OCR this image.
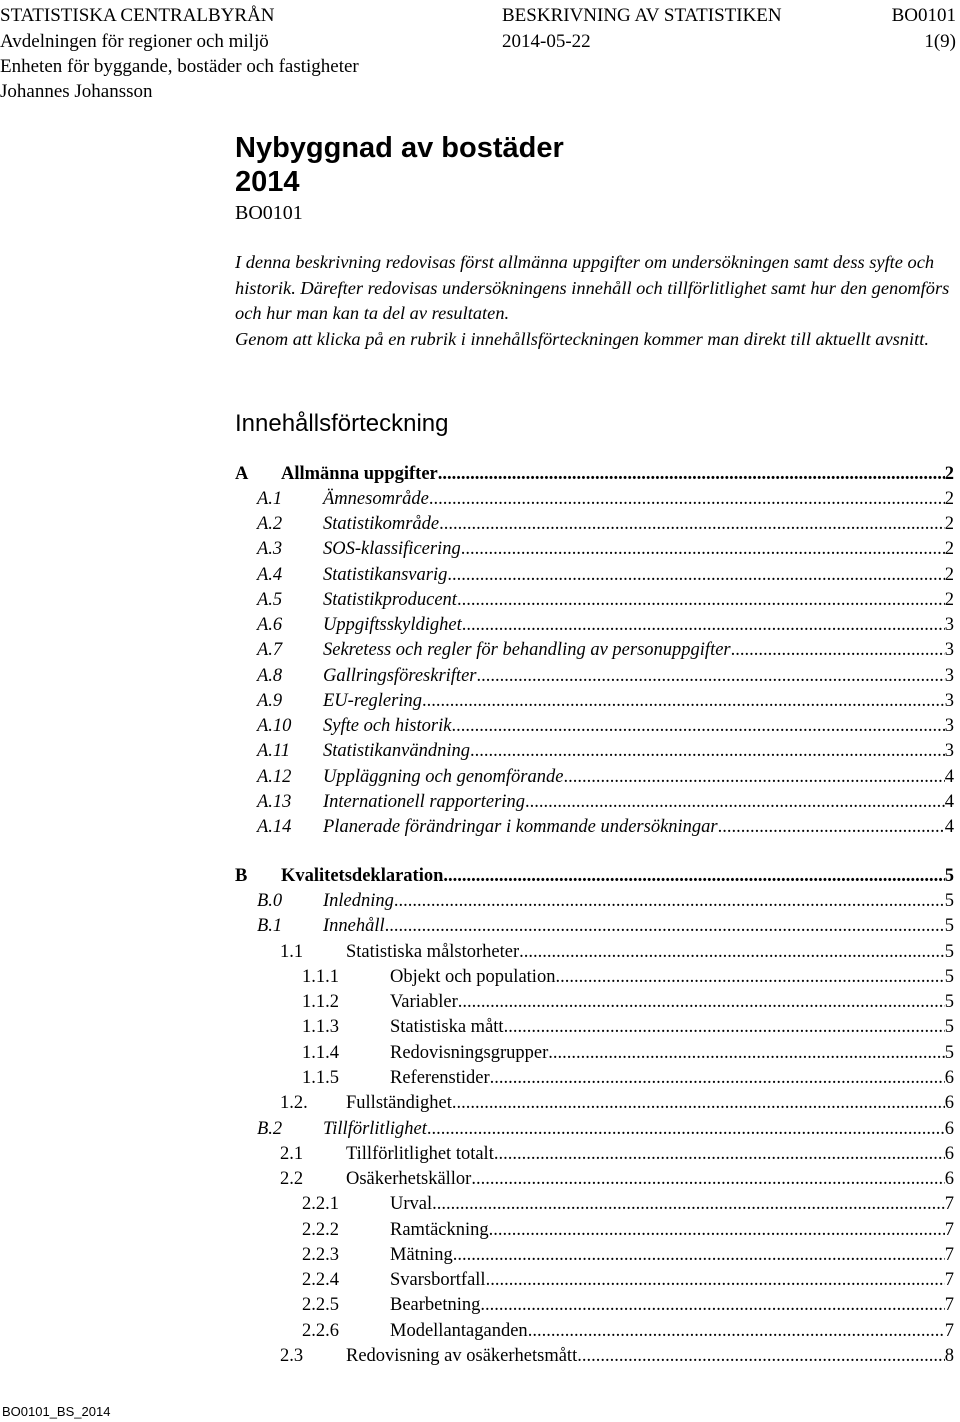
STATISTISKA CENTRALBYRÅN	BESKRIVNING AV STATISTIKEN	BO0101
Avdelningen för regioner och miljö	2014-05-22	1(9)
Enheten för byggande, bostäder och fastigheter
Johannes Johansson
Nybyggnad av bostäder
2014
BO0101
I denna beskrivning redovisas först allmänna uppgifter om undersökningen samt dess syfte och historik. Därefter redovisas undersökningens innehåll och tillförlitlighet samt hur den genomförs och hur man kan ta del av resultaten.
Genom att klicka på en rubrik i innehållsförteckningen kommer man direkt till aktuellt avsnitt.
Innehållsförteckning
A	Allmänna uppgifter .....	2
A.1	Ämnesområde .....	2
A.2	Statistikområde .....	2
A.3	SOS-klassificering .....	2
A.4	Statistikansvarig .....	2
A.5	Statistikproducent .....	2
A.6	Uppgiftsskyldighet .....	3
A.7	Sekretess och regler för behandling av personuppgifter .....	3
A.8	Gallringsföreskrifter .....	3
A.9	EU-reglering .....	3
A.10	Syfte och historik .....	3
A.11	Statistikanvändning .....	3
A.12	Uppläggning och genomförande .....	4
A.13	Internationell rapportering .....	4
A.14	Planerade förändringar i kommande undersökningar .....	4
B	Kvalitetsdeklaration .....	5
B.0	Inledning .....	5
B.1	Innehåll .....	5
1.1	Statistiska målstorheter .....	5
1.1.1	Objekt och population .....	5
1.1.2	Variabler .....	5
1.1.3	Statistiska mått .....	5
1.1.4	Redovisningsgrupper .....	5
1.1.5	Referenstider .....	6
1.2.	Fullständighet .....	6
B.2	Tillförlitlighet .....	6
2.1	Tillförlitlighet totalt .....	6
2.2	Osäkerhetskällor .....	6
2.2.1	Urval .....	7
2.2.2	Ramtäckning .....	7
2.2.3	Mätning .....	7
2.2.4	Svarsbortfall .....	7
2.2.5	Bearbetning .....	7
2.2.6	Modellantaganden .....	7
2.3	Redovisning av osäkerhetsmått .....	8
BO0101_BS_2014
